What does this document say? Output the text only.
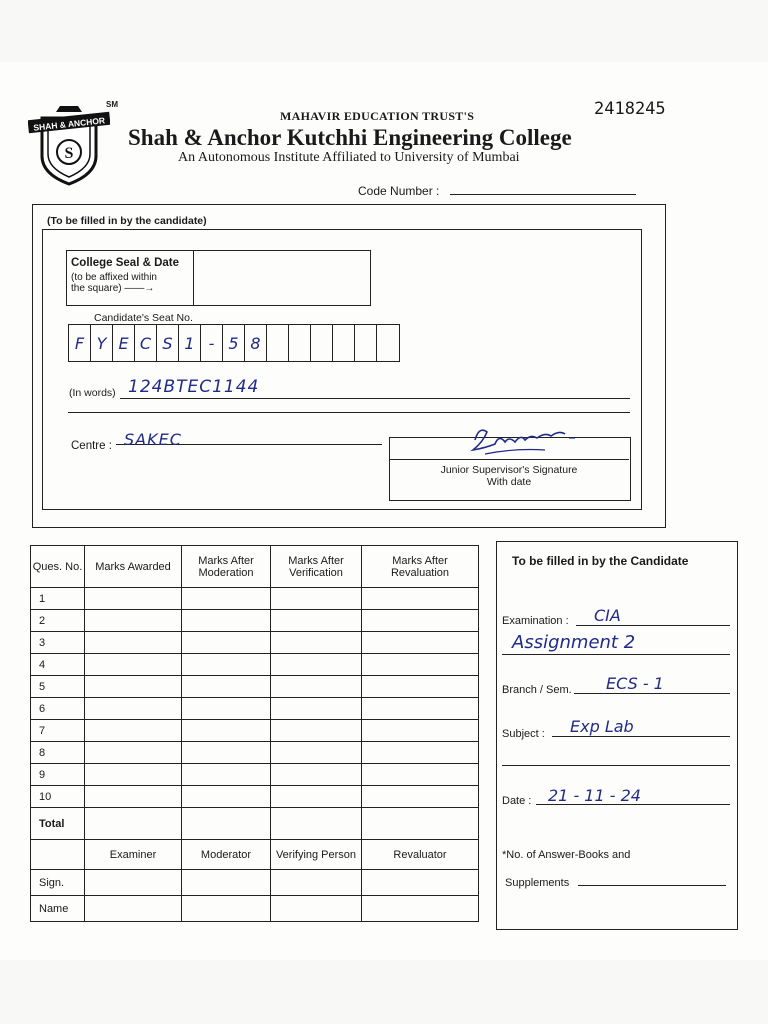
SHAH & ANCHOR
S
SM
MAHAVIR EDUCATION TRUST'S	2418245
Shah & Anchor Kutchhi Engineering College
An Autonomous Institute Affiliated to University of Mumbai
Code Number :
(To be filled in by the candidate)
College Seal & Date
(to be affixed within
the square) ——→
Candidate's Seat No.
F Y E C S 1 - 5 8
(In words) 124BTEC1144
Centre : SAKEC
Junior Supervisor's Signature
With date
Ques. No.	Marks Awarded	Marks After Moderation	Marks After Verification	Marks After Revaluation
1				
2				
3				
4				
5				
6				
7				
8				
9				
10				
Total				
	Examiner	Moderator	Verifying Person	Revaluator
Sign.				
Name				
To be filled in by the Candidate
Examination : CIA
Assignment 2
Branch / Sem. ECS - 1
Subject : Exp Lab
Date : 21 - 11 - 24
*No. of Answer-Books and
Supplements
